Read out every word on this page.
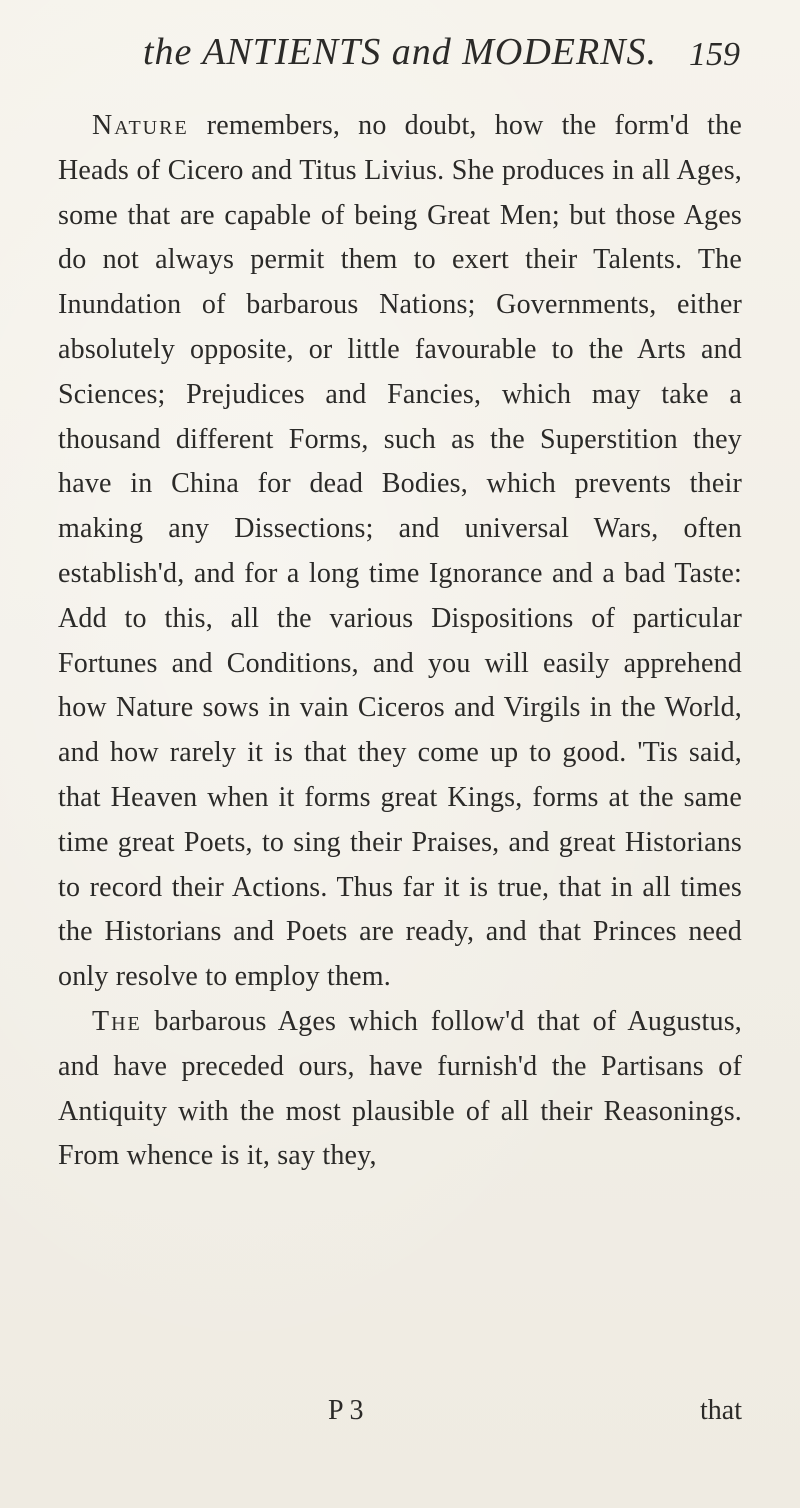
the ANTIENTS and MODERNS. 159

Nature remembers, no doubt, how the form'd the Heads of Cicero and Titus Livius. She produces in all Ages, some that are capable of being Great Men; but those Ages do not always permit them to exert their Talents. The Inundation of barbarous Nations; Governments, either absolutely opposite, or little favourable to the Arts and Sciences; Prejudices and Fancies, which may take a thousand different Forms, such as the Superstition they have in China for dead Bodies, which prevents their making any Dissections; and universal Wars, often establish'd, and for a long time Ignorance and a bad Taste: Add to this, all the various Dispositions of particular Fortunes and Conditions, and you will easily apprehend how Nature sows in vain Ciceros and Virgils in the World, and how rarely it is that they come up to good. 'Tis said, that Heaven when it forms great Kings, forms at the same time great Poets, to sing their Praises, and great Historians to record their Actions. Thus far it is true, that in all times the Historians and Poets are ready, and that Princes need only resolve to employ them.

The barbarous Ages which follow'd that of Augustus, and have preceded ours, have furnish'd the Partisans of Antiquity with the most plausible of all their Reasonings. From whence is it, say they,

P 3	that
